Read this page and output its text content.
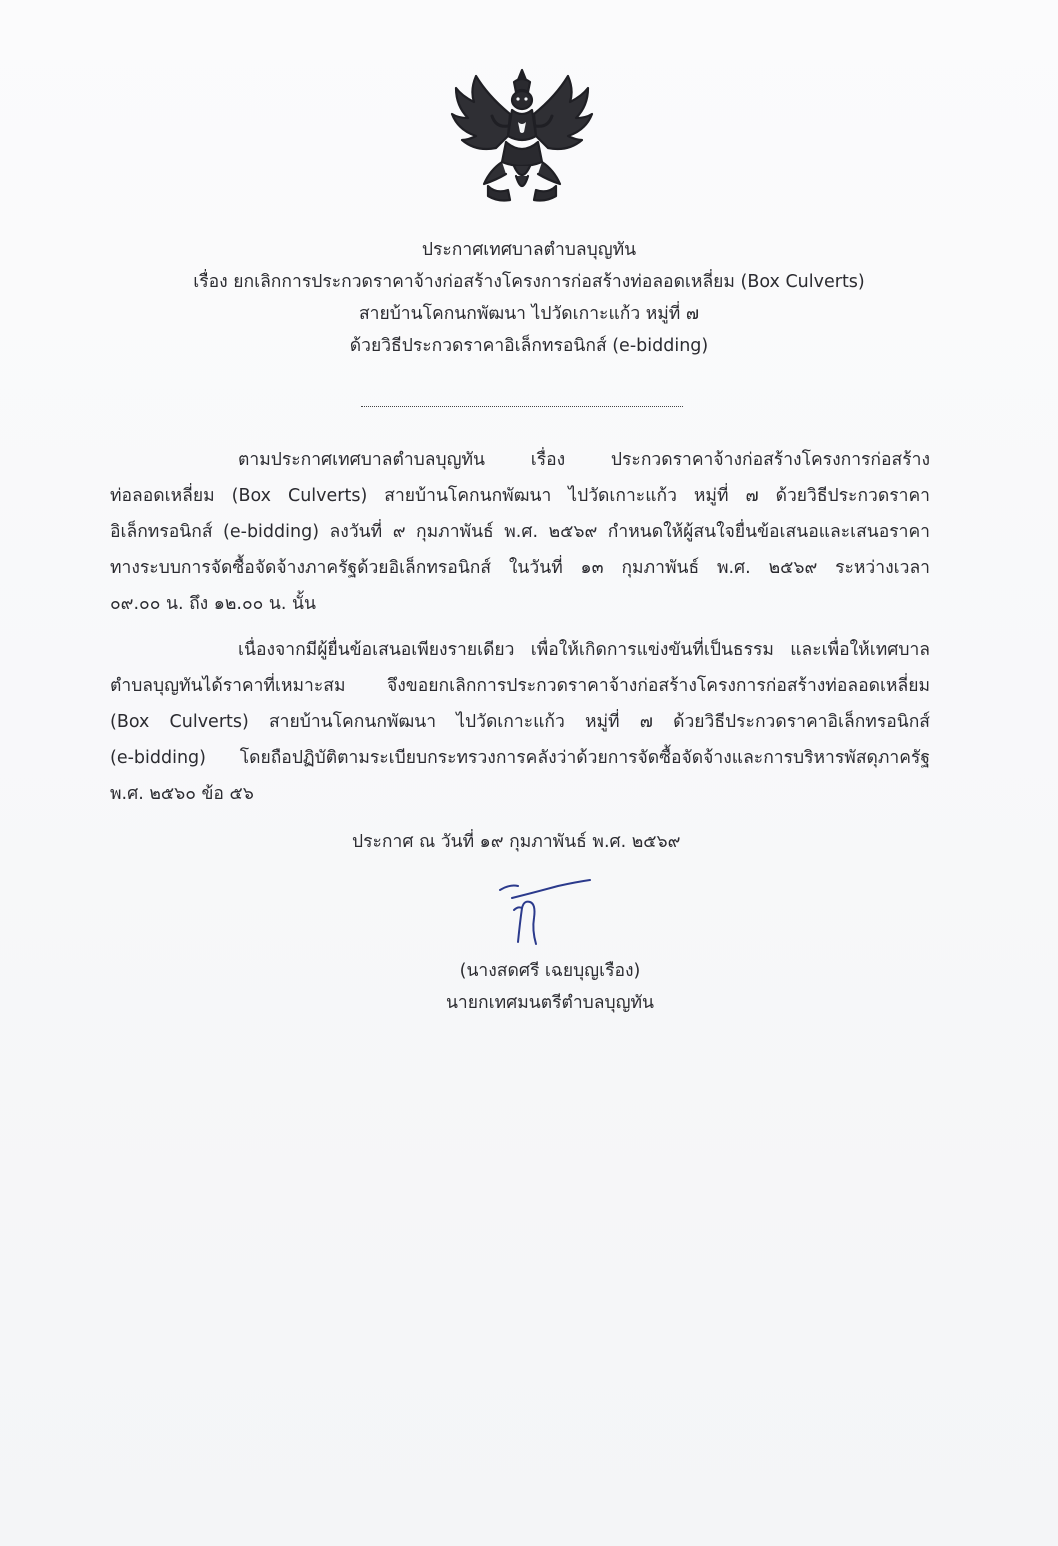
ประกาศเทศบาลตำบลบุญทัน
เรื่อง ยกเลิกการประกวดราคาจ้างก่อสร้างโครงการก่อสร้างท่อลอดเหลี่ยม (Box Culverts)
สายบ้านโคกนกพัฒนา ไปวัดเกาะแก้ว หมู่ที่ ๗
ด้วยวิธีประกวดราคาอิเล็กทรอนิกส์ (e-bidding)
ตามประกาศเทศบาลตำบลบุญทัน เรื่อง ประกวดราคาจ้างก่อสร้างโครงการก่อสร้าง
ท่อลอดเหลี่ยม (Box Culverts) สายบ้านโคกนกพัฒนา ไปวัดเกาะแก้ว หมู่ที่ ๗ ด้วยวิธีประกวดราคา
อิเล็กทรอนิกส์ (e-bidding) ลงวันที่ ๙ กุมภาพันธ์ พ.ศ. ๒๕๖๙ กำหนดให้ผู้สนใจยื่นข้อเสนอและเสนอราคา
ทางระบบการจัดซื้อจัดจ้างภาครัฐด้วยอิเล็กทรอนิกส์ ในวันที่ ๑๓ กุมภาพันธ์ พ.ศ. ๒๕๖๙ ระหว่างเวลา
๐๙.๐๐ น. ถึง ๑๒.๐๐ น. นั้น
เนื่องจากมีผู้ยื่นข้อเสนอเพียงรายเดียว เพื่อให้เกิดการแข่งขันที่เป็นธรรม และเพื่อให้เทศบาล
ตำบลบุญทันได้ราคาที่เหมาะสม จึงขอยกเลิกการประกวดราคาจ้างก่อสร้างโครงการก่อสร้างท่อลอดเหลี่ยม
(Box Culverts) สายบ้านโคกนกพัฒนา ไปวัดเกาะแก้ว หมู่ที่ ๗ ด้วยวิธีประกวดราคาอิเล็กทรอนิกส์
(e-bidding) โดยถือปฏิบัติตามระเบียบกระทรวงการคลังว่าด้วยการจัดซื้อจัดจ้างและการบริหารพัสดุภาครัฐ
พ.ศ. ๒๕๖๐ ข้อ ๕๖
ประกาศ ณ วันที่ ๑๙ กุมภาพันธ์ พ.ศ. ๒๕๖๙
(นางสดศรี เฉยบุญเรือง)
นายกเทศมนตรีตำบลบุญทัน
